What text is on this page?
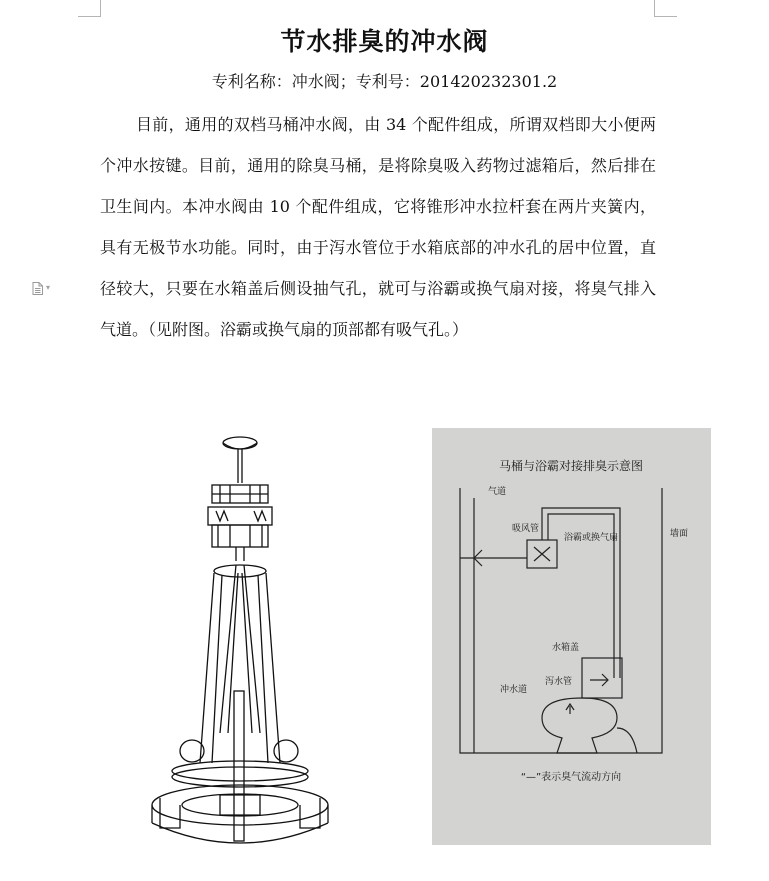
节水排臭的冲水阀
专利名称：冲水阀；专利号：201420232301.2

目前，通用的双档马桶冲水阀，由 34 个配件组成，所谓双档即大小便两个冲水按键。目前，通用的除臭马桶，是将除臭吸入药物过滤箱后，然后排在卫生间内。本冲水阀由 10 个配件组成，它将锥形冲水拉杆套在两片夹簧内，具有无极节水功能。同时，由于泻水管位于水箱底部的冲水孔的居中位置，直径较大，只要在水箱盖后侧设抽气孔，就可与浴霸或换气扇对接，将臭气排入气道。（见附图。浴霸或换气扇的顶部都有吸气孔。）

▾
马桶与浴霸对接排臭示意图
气道
吸风管
浴霸或换气扇	墙面
水箱盖
泻水管
冲水道
“—”表示臭气流动方向
